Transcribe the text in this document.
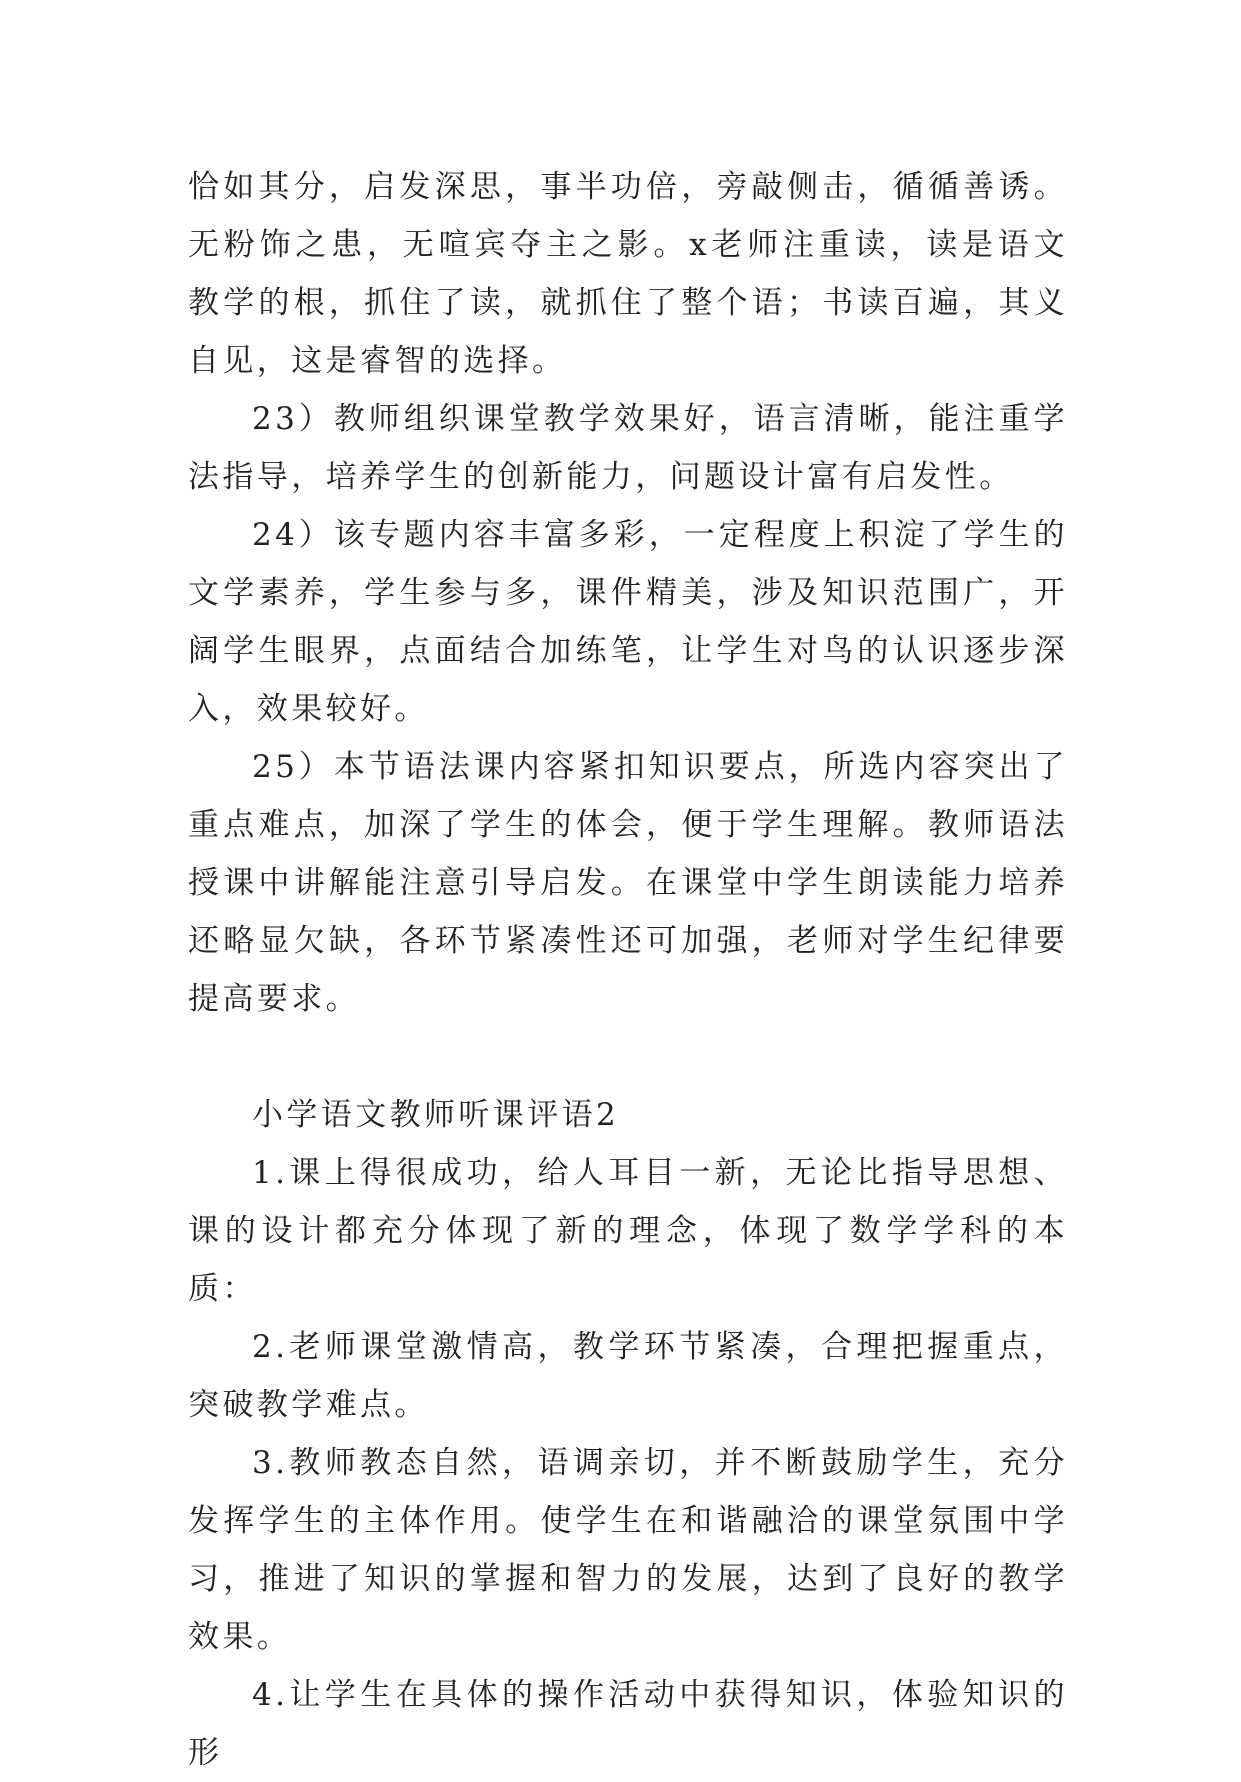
恰如其分，启发深思，事半功倍，旁敲侧击，循循善诱。无粉饰之患，无喧宾夺主之影。x老师注重读，读是语文教学的根，抓住了读，就抓住了整个语；书读百遍，其义自见，这是睿智的选择。

23）教师组织课堂教学效果好，语言清晰，能注重学法指导，培养学生的创新能力，问题设计富有启发性。

24）该专题内容丰富多彩，一定程度上积淀了学生的文学素养，学生参与多，课件精美，涉及知识范围广，开阔学生眼界，点面结合加练笔，让学生对鸟的认识逐步深入，效果较好。

25）本节语法课内容紧扣知识要点，所选内容突出了重点难点，加深了学生的体会，便于学生理解。教师语法授课中讲解能注意引导启发。在课堂中学生朗读能力培养还略显欠缺，各环节紧凑性还可加强，老师对学生纪律要提高要求。

小学语文教师听课评语2

1.课上得很成功，给人耳目一新，无论比指导思想、课的设计都充分体现了新的理念，体现了数学学科的本质：

2.老师课堂激情高，教学环节紧凑，合理把握重点，突破教学难点。

3.教师教态自然，语调亲切，并不断鼓励学生，充分发挥学生的主体作用。使学生在和谐融洽的课堂氛围中学习，推进了知识的掌握和智力的发展，达到了良好的教学效果。

4.让学生在具体的操作活动中获得知识，体验知识的形
